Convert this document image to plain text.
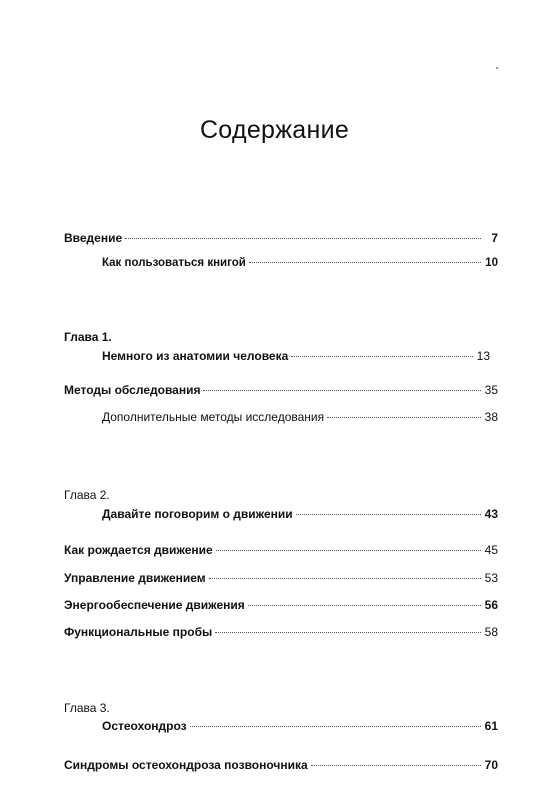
Содержание
Введение	7
Как пользоваться книгой	10
Глава 1.
Немного из анатомии человека	13
Методы обследования	35
Дополнительные методы исследования	38
Глава 2.
Давайте поговорим о движении	43
Как рождается движение	45
Управление движением	53
Энергообеспечение движения	56
Функциональные пробы	58
Глава 3.
Остеохондроз	61
Синдромы остеохондроза позвоночника	70
